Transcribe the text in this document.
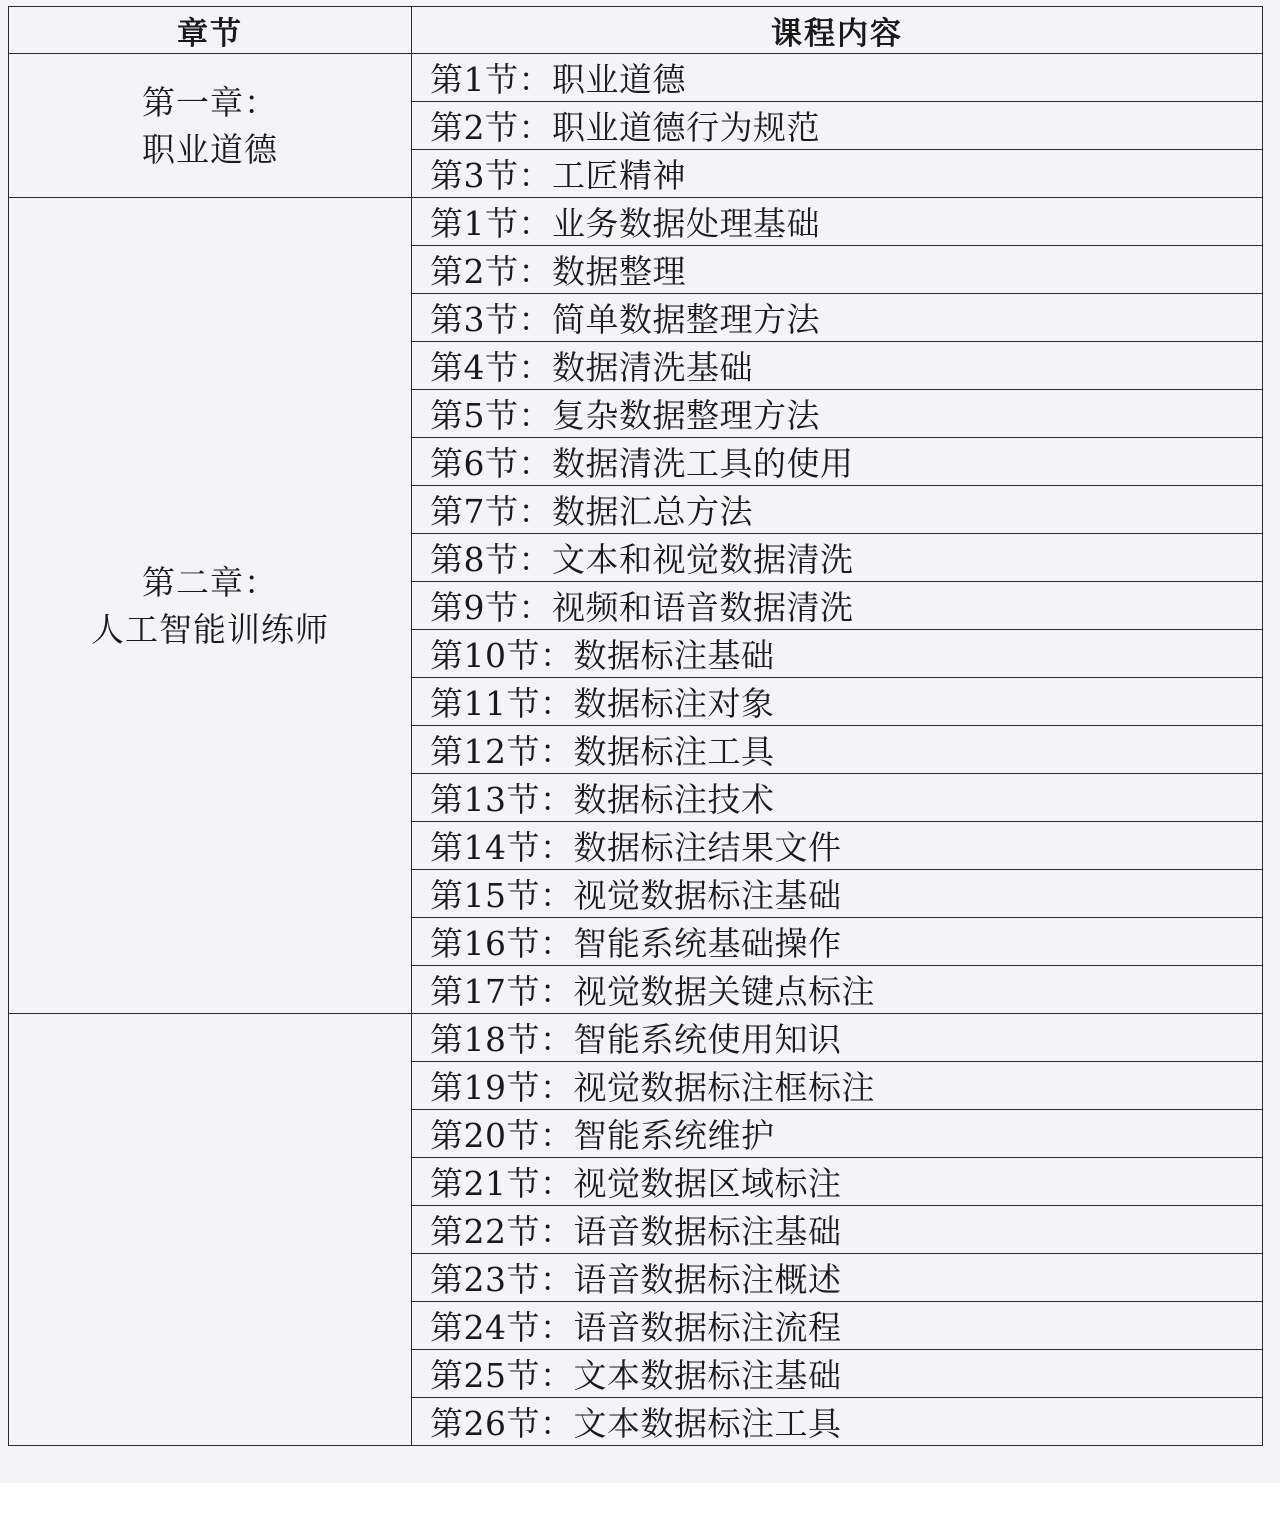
章节	课程内容

第一章：
职业道德	第1节：职业道德
	第2节：职业道德行为规范
	第3节：工匠精神

第二章：
人工智能训练师	第1节：业务数据处理基础
	第2节：数据整理
	第3节：简单数据整理方法
	第4节：数据清洗基础
	第5节：复杂数据整理方法
	第6节：数据清洗工具的使用
	第7节：数据汇总方法
	第8节：文本和视觉数据清洗
	第9节：视频和语音数据清洗
	第10节：数据标注基础
	第11节：数据标注对象
	第12节：数据标注工具
	第13节：数据标注技术
	第14节：数据标注结果文件
	第15节：视觉数据标注基础
	第16节：智能系统基础操作
	第17节：视觉数据关键点标注

	第18节：智能系统使用知识
	第19节：视觉数据标注框标注
	第20节：智能系统维护
	第21节：视觉数据区域标注
	第22节：语音数据标注基础
	第23节：语音数据标注概述
	第24节：语音数据标注流程
	第25节：文本数据标注基础
	第26节：文本数据标注工具
